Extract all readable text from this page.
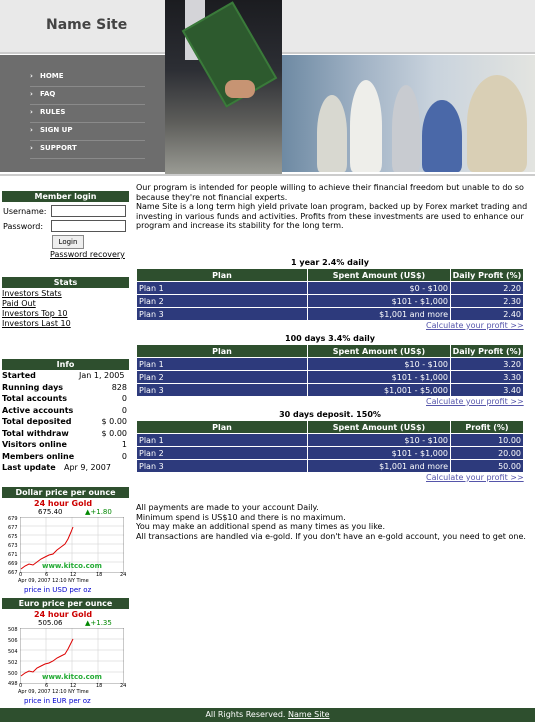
Name Site
› HOME
› FAQ
› RULES
› SIGN UP
› SUPPORT
Member login
Username:
Password:
Login
Password recovery
Stats
Investors Stats
Paid Out
Investors Top 10
Investors Last 10
Info
Started	Jan 1, 2005
Running days	828
Total accounts	0
Active accounts	0
Total deposited	$ 0.00
Total withdraw	$ 0.00
Visitors online	1
Members online	0
Last update Apr 9, 2007
Dollar price per ounce
24 hour Gold
675.40	▲+1.80
679
677
675
673
671
669
667 0	6	12	18	24
www.kitco.com
Apr 09, 2007 12:10 NY Time
price in USD per oz
Euro price per ounce
24 hour Gold
505.06	▲+1.35
508
506
504
502
500
498 0	6	12	18	24
www.kitco.com
Apr 09, 2007 12:10 NY Time
price in EUR per oz

Our program is intended for people willing to achieve their financial freedom but unable to do so because they're not financial experts.

Name Site is a long term high yield private loan program, backed up by Forex market trading and investing in various funds and activities. Profits from these investments are used to enhance our program and increase its stability for the long term.

1 year 2.4% daily
Plan	Spent Amount (US$)	Daily Profit (%)
Plan 1	$0 - $100	2.20
Plan 2	$101 - $1,000	2.30
Plan 3	$1,001 and more	2.40
Calculate your profit >>
100 days 3.4% daily
Plan	Spent Amount (US$)	Daily Profit (%)
Plan 1	$10 - $100	3.20
Plan 2	$101 - $1,000	3.30
Plan 3	$1,001 - $5,000	3.40
Calculate your profit >>
30 days deposit. 150%
Plan	Spent Amount (US$)	Profit (%)
Plan 1	$10 - $100	10.00
Plan 2	$101 - $1,000	20.00
Plan 3	$1,001 and more	50.00
Calculate your profit >>

All payments are made to your account Daily.

Minimum spend is US$10 and there is no maximum.

You may make an additional spend as many times as you like.

All transactions are handled via e-gold. If you don't have an e-gold account, you need to get one.

All Rights Reserved. Name Site
